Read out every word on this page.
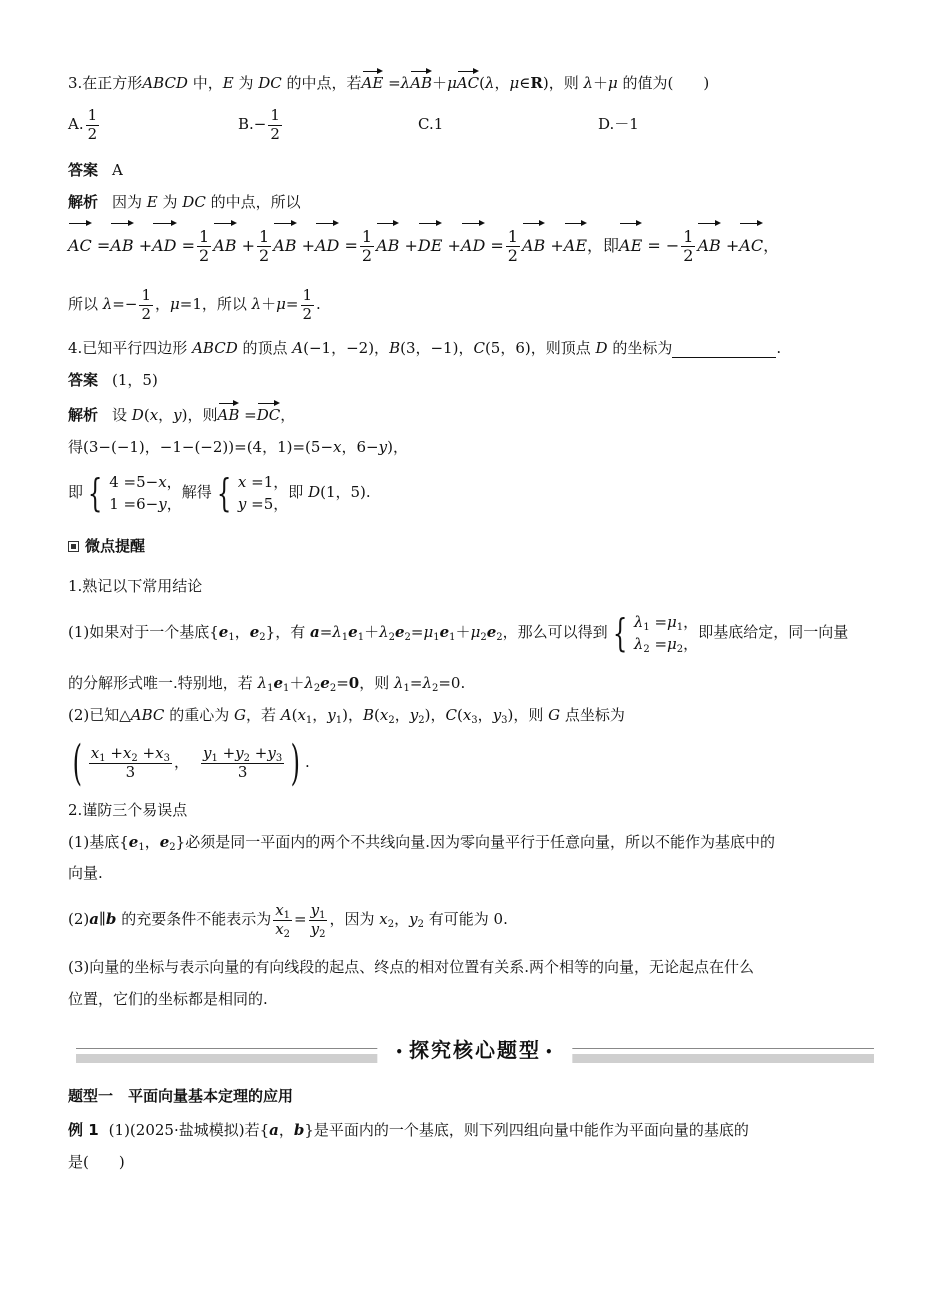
3.在正方形ABCD 中，E 为 DC 的中点，若AE =λAB＋μAC(λ，μ∈R)，则 λ＋μ 的值为(　　)
A. $\frac{1}{2}$	$B.- \frac{1}{2}$	C.1	D.－1
答案 A
解析 因为 E 为 DC 的中点，所以
AC $=AB +AD = \frac{1}{2}$ AB + $\frac{1}{2}$ AB $+AD = \frac{1}{2}$ AB $+DE +AD = \frac{1}{2}$ AB +AE，即AE = − $\frac{1}{2}$ AB +AC，
所以 $\lambda=- \frac{1}{2}$ ，μ=1，所以 $\lambda+\mu= \frac{1}{2}$ .
4.已知平行四边形 ABCD 的顶点 A(−1，−2)，B(3，−1)，C(5，6)，则顶点 D 的坐标为	.
答案 (1，5)
解析 设 D(x，y)，则AB =DC，
得(3−(−1)，−1−(−2))=(4，1)=(5−x，6−y)，
即 { 4 =5−x，
1 =6−y，
解得 { x =1，
y =5，
即 D(1，5).
微点提醒
1.熟记以下常用结论
(1)如果对于一个基底{$e_1$，$e_2$}，有 $a=\lambda_1e_1+\lambda_2e_2=\mu_1e_1+\mu_2e_2$，那么可以得到 { $\lambda_1 =\mu_1$，
$\lambda_2 =\mu_2$，
即基底给定，同一向量
的分解形式唯一.特别地，若 $\lambda_1e_1+\lambda_2e_2=0$，则 $\lambda_1=\lambda_2=0$.
(2)已知△ABC 的重心为 G，若 $A(x_1$，$y_1$)，$B(x_2$，$y_2$)，$C(x_3$，$y_3$)，则 G 点坐标为
( $\frac{x_1 +x_2 +x_3}{3}$ ， $\frac{y_1 +y_2 +y_3}{3}$ ) .
2.谨防三个易误点
(1)基底{$e_1$，$e_2$}必须是同一平面内的两个不共线向量.因为零向量平行于任意向量，所以不能作为基底中的
向量.
(2)a∥b 的充要条件不能表示为 $\frac{x_1}{x_2} = \frac{y_1}{y_2}$ ，因为 $x_2$，$y_2$ 有可能为 0.
(3)向量的坐标与表示向量的有向线段的起点、终点的相对位置有关系.两个相等的向量，无论起点在什么
位置，它们的坐标都是相同的.
• 探究核心题型 •
题型一　平面向量基本定理的应用
例 1 (1)(2025·盐城模拟)若{a，b}是平面内的一个基底，则下列四组向量中能作为平面向量的基底的
是(　　)
